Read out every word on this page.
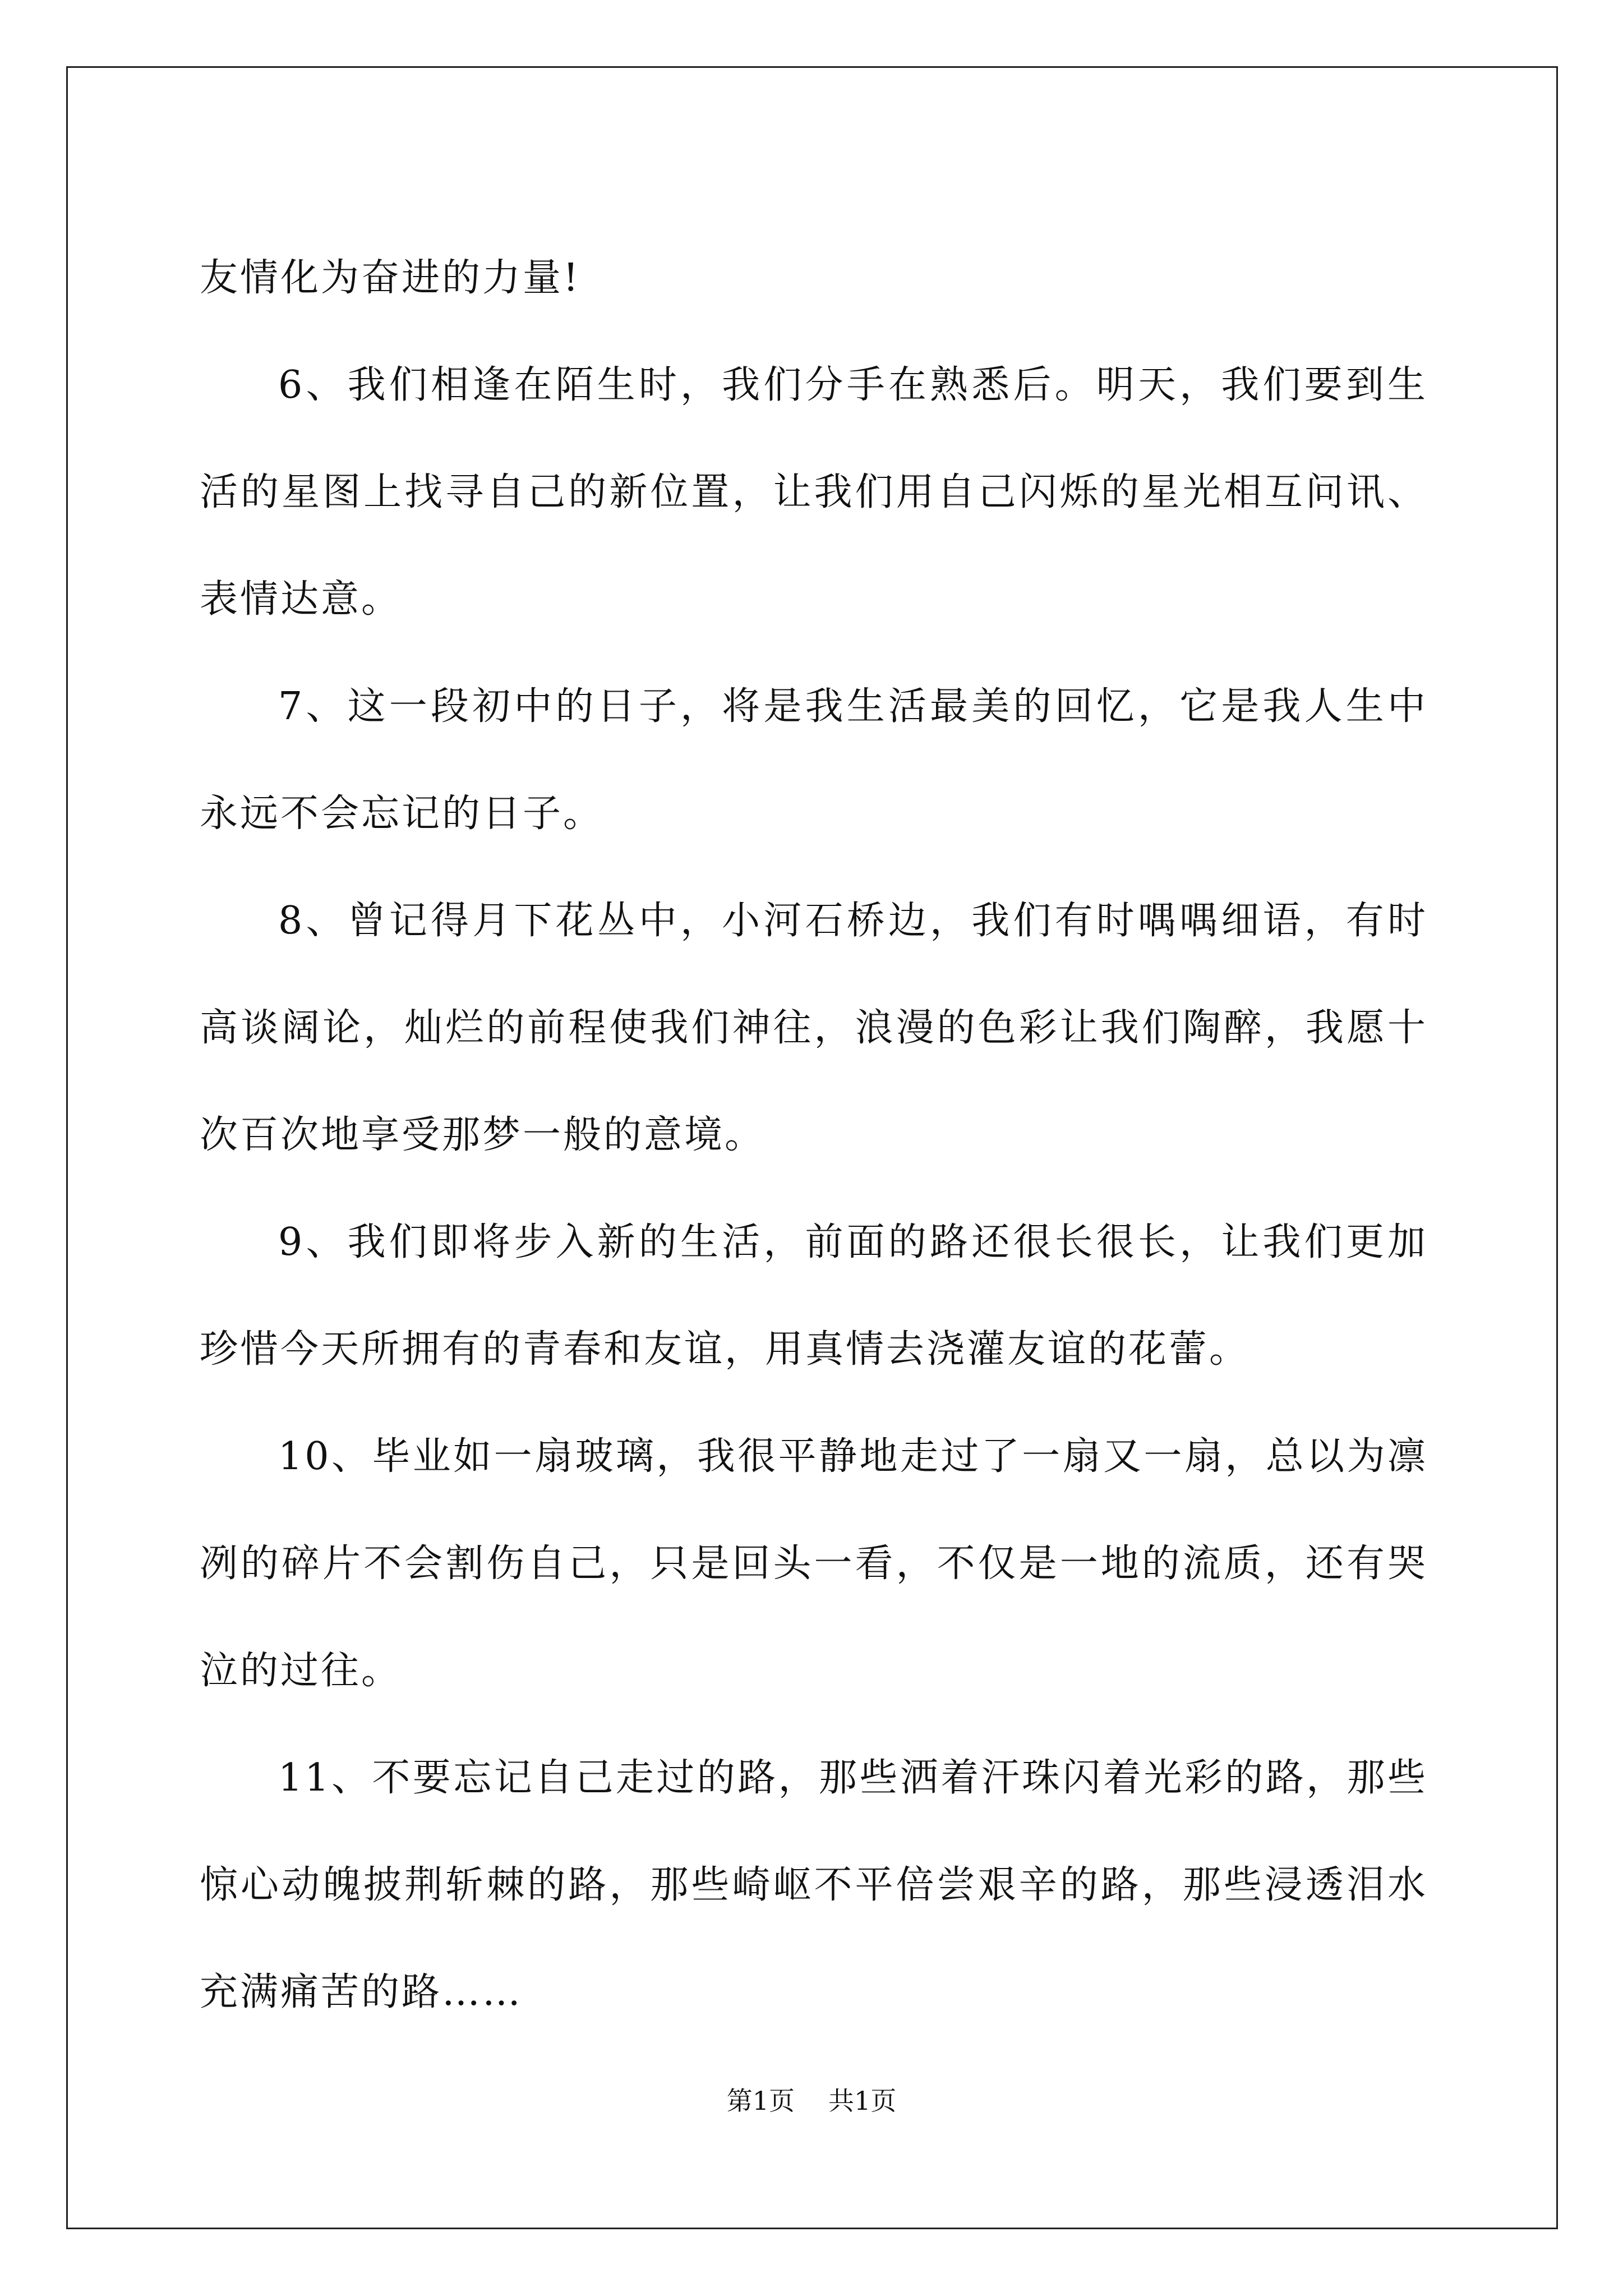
友情化为奋进的力量!

6、我们相逢在陌生时，我们分手在熟悉后。明天，我们要到生活的星图上找寻自己的新位置，让我们用自己闪烁的星光相互问讯、表情达意。

7、这一段初中的日子，将是我生活最美的回忆，它是我人生中永远不会忘记的日子。

8、曾记得月下花丛中，小河石桥边，我们有时喁喁细语，有时高谈阔论，灿烂的前程使我们神往，浪漫的色彩让我们陶醉，我愿十次百次地享受那梦一般的意境。

9、我们即将步入新的生活，前面的路还很长很长，让我们更加珍惜今天所拥有的青春和友谊，用真情去浇灌友谊的花蕾。

10、毕业如一扇玻璃，我很平静地走过了一扇又一扇，总以为凛冽的碎片不会割伤自己，只是回头一看，不仅是一地的流质，还有哭泣的过往。

11、不要忘记自己走过的路，那些洒着汗珠闪着光彩的路，那些惊心动魄披荆斩棘的路，那些崎岖不平倍尝艰辛的路，那些浸透泪水充满痛苦的路……

第1页 共1页
